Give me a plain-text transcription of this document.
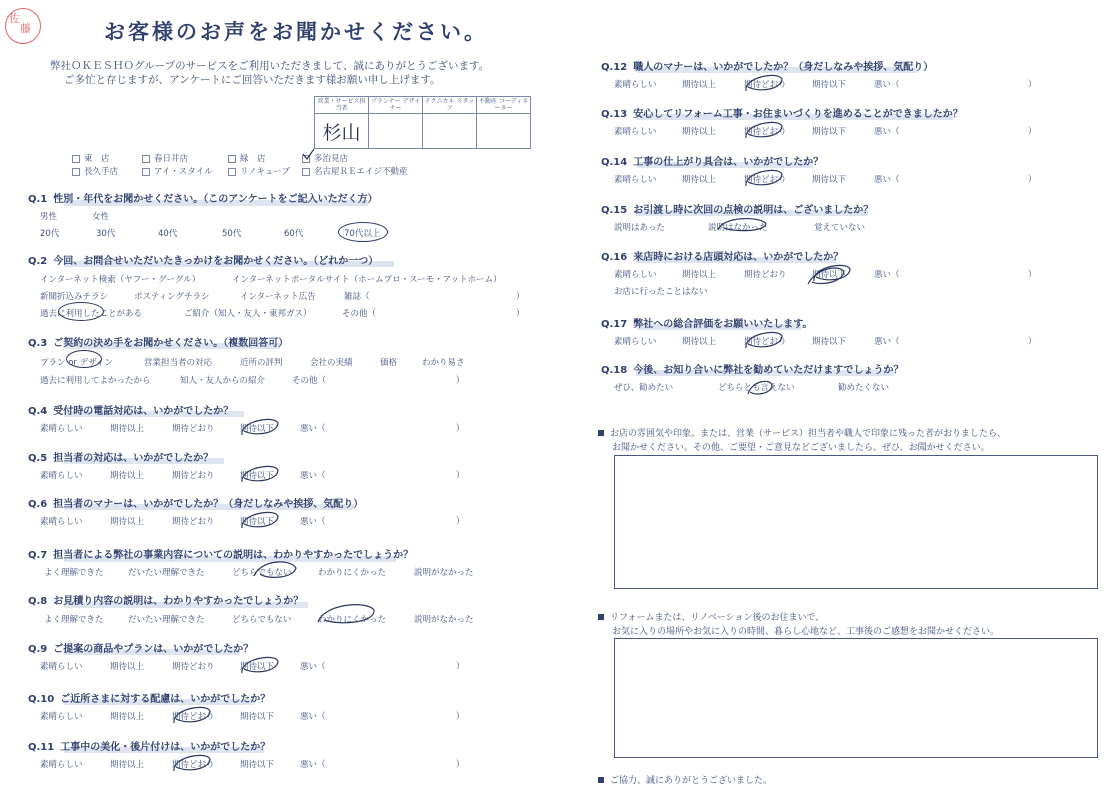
佐
藤	お客様のお声をお聞かせください。
弊社ＯＫＥＳＨＯグループのサービスをご利用いただきまして、誠にありがとうございます。
ご多忙と存じますが、アンケートにご回答いただきます様お願い申し上げます。
営業・サービス担当者	プランナー デザイナー	テクニカル スタッフ	不動産 コーディネーター
杉山			
東　店	春日井店	緑　店	多治見店
長久手店	アイ・スタイル	リノキューブ	名古屋ＲＥエイジ不動産
Q.1 性別・年代をお聞かせください。（このアンケートをご記入いただく方）
男性	女性
20代	30代	40代	50代	60代	70代以上
Q.2 今回、お問合せいただいたきっかけをお聞かせください。（どれか一つ）
インターネット検索（ヤフー・グーグル）	インターネットポータルサイト（ホームプロ・スーモ・アットホーム）
新聞折込みチラシ	ポスティングチラシ	インターネット広告	雑誌（	）
過去に利用したことがある	ご紹介（知人・友人・東邦ガス）	その他（	）
Q.3 ご契約の決め手をお聞かせください。（複数回答可）
プラン or デザイン	営業担当者の対応	近所の評判	会社の実績	価格	わかり易さ
過去に利用してよかったから	知人・友人からの紹介	その他（	）
Q.4 受付時の電話対応は、いかがでしたか？
素晴らしい	期待以上	期待どおり	期待以下	悪い（	）
Q.5 担当者の対応は、いかがでしたか？
素晴らしい	期待以上	期待どおり	期待以下	悪い（	）
Q.6 担当者のマナーは、いかがでしたか？（身だしなみや挨拶、気配り）
素晴らしい	期待以上	期待どおり	期待以下	悪い（	）
Q.9 ご提案の商品やプランは、いかがでしたか？
素晴らしい	期待以上	期待どおり	期待以下	悪い（	）
Q.10 ご近所さまに対する配慮は、いかがでしたか？
素晴らしい	期待以上	期待どおり	期待以下	悪い（	）
Q.11 工事中の美化・後片付けは、いかがでしたか？
素晴らしい	期待以上	期待どおり	期待以下	悪い（	）
Q.7 担当者による弊社の事業内容についての説明は、わかりやすかったでしょうか？
よく理解できた	だいたい理解できた	どちらでもない	わかりにくかった	説明がなかった
Q.8 お見積り内容の説明は、わかりやすかったでしょうか？
よく理解できた	だいたい理解できた	どちらでもない	わかりにくかった	説明がなかった
Q.12 職人のマナーは、いかがでしたか？（身だしなみや挨拶、気配り）
素晴らしい	期待以上	期待どおり	期待以下	悪い（	）
Q.13 安心してリフォーム工事・お住まいづくりを進めることができましたか？
素晴らしい	期待以上	期待どおり	期待以下	悪い（	）
Q.14 工事の仕上がり具合は、いかがでしたか？
素晴らしい	期待以上	期待どおり	期待以下	悪い（	）
Q.17 弊社への総合評価をお願いいたします。
素晴らしい	期待以上	期待どおり	期待以下	悪い（	）
Q.15 お引渡し時に次回の点検の説明は、ございましたか？
説明はあった	説明はなかった	覚えていない
Q.16 来店時における店頭対応は、いかがでしたか？
素晴らしい	期待以上	期待どおり	期待以下	悪い（	）
お店に行ったことはない
Q.18 今後、お知り合いに弊社を勧めていただけますでしょうか？
ぜひ、勧めたい	どちらとも言えない	勧めたくない
お店の雰囲気や印象。または、営業（サービス）担当者や職人で印象に残った者がおりましたら、
お聞かせください。その他、ご要望・ご意見などございましたら、ぜひ、お聞かせください。
リフォームまたは、リノベーション後のお住まいで、
お気に入りの場所やお気に入りの時間、暮らし心地など、工事後のご感想をお聞かせください。
ご協力、誠にありがとうございました。
